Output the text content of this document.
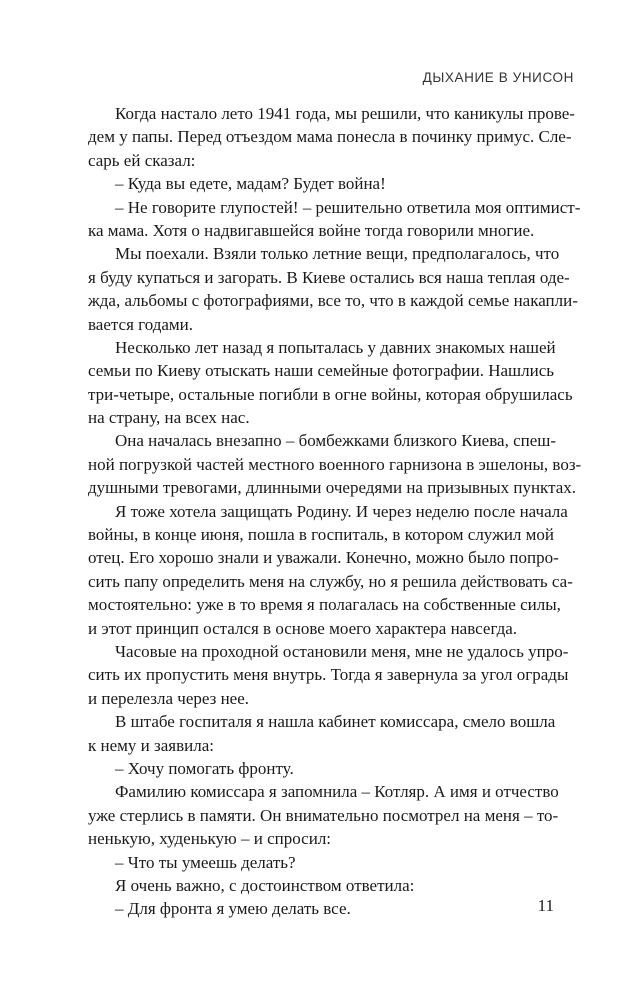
ДЫХАНИЕ В УНИСОН
Когда настало лето 1941 года, мы решили, что каникулы прове-
дем у папы. Перед отъездом мама понесла в починку примус. Сле-
сарь ей сказал:
– Куда вы едете, мадам? Будет война!
– Не говорите глупостей! – решительно ответила моя оптимист-
ка мама. Хотя о надвигавшейся войне тогда говорили многие.
Мы поехали. Взяли только летние вещи, предполагалось, что
я буду купаться и загорать. В Киеве остались вся наша теплая оде-
жда, альбомы с фотографиями, все то, что в каждой семье накапли-
вается годами.
Несколько лет назад я попыталась у давних знакомых нашей
семьи по Киеву отыскать наши семейные фотографии. Нашлись
три-четыре, остальные погибли в огне войны, которая обрушилась
на страну, на всех нас.
Она началась внезапно – бомбежками близкого Киева, спеш-
ной погрузкой частей местного военного гарнизона в эшелоны, воз-
душными тревогами, длинными очередями на призывных пунктах.
Я тоже хотела защищать Родину. И через неделю после начала
войны, в конце июня, пошла в госпиталь, в котором служил мой
отец. Его хорошо знали и уважали. Конечно, можно было попро-
сить папу определить меня на службу, но я решила действовать са-
мостоятельно: уже в то время я полагалась на собственные силы,
и этот принцип остался в основе моего характера навсегда.
Часовые на проходной остановили меня, мне не удалось упро-
сить их пропустить меня внутрь. Тогда я завернула за угол ограды
и перелезла через нее.
В штабе госпиталя я нашла кабинет комиссара, смело вошла
к нему и заявила:
– Хочу помогать фронту.
Фамилию комиссара я запомнила – Котляр. А имя и отчество
уже стерлись в памяти. Он внимательно посмотрел на меня – то-
ненькую, худенькую – и спросил:
– Что ты умеешь делать?
Я очень важно, с достоинством ответила:
– Для фронта я умею делать все.	11
